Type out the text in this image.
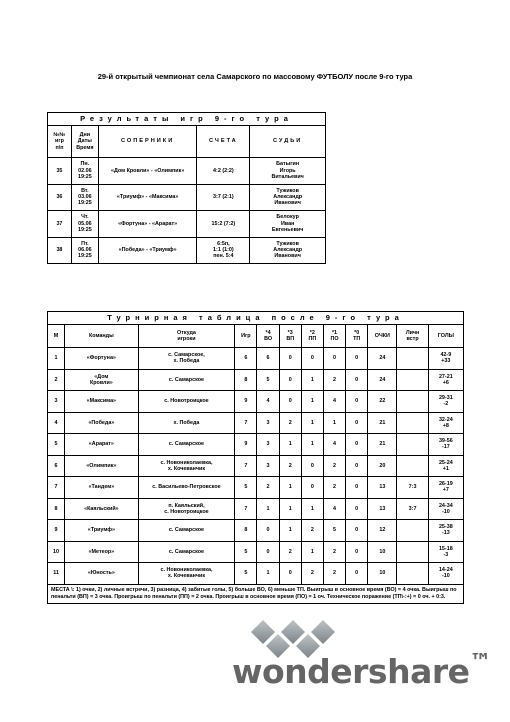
29-й открытый чемпионат села Самарского по массовому ФУТБОЛУ после 9-го тура
Результаты игр 9-го тура				
№№
игр
п\п	Дни
Даты
Время	СОПЕРНИКИ	СЧЕТА	СУДЬИ
35	Пн.
02.06
19:25	«Дом Кровли» - «Олимпик»	4:2 (2:2)	Батыгин
Игорь
Витальевич
36	Вт.
03.06
19:25	«Триумф» - «Максима»	3:7 (2:1)	Тужиков
Александр
Иванович
37	Чт.
05.06
19:25	«Фортуна» - «Арарат»	15:2 (7:2)	Белокур
Иван
Евгеньевич
38	Пт.
06.06
19:25	«Победа» - «Триумф»	6:5п,
1:1 (1:0)
пен. 5:4	Тужиков
Александр
Иванович
Турнирная таблица после 9-го тура											
М	Команды	Откуда
игроки	Игр	*4
ВО	*3
ВП	*2
ПП	*1
ПО	*0
ТП	ОЧКИ	Личн
встр	ГОЛЫ
1	«Фортуна»	с. Самарское,
х. Победа	6	6	0	0	0	0	24		42-9
+33
2	«Дом
Кровли»	с. Самарское	8	5	0	1	2	0	24		27-21
+6
3	«Максима»	с. Новотроицкое	9	4	0	1	4	0	22		29-31
-2
4	«Победа»	х. Победа	7	3	2	1	1	0	21		32-24
+8
5	«Арарат»	с. Самарское	9	3	1	1	4	0	21		39-56
-17
6	«Олимпик»	с. Новониколаевка,
х. Кочеванчик	7	3	2	0	2	0	20		25-24
+1
7	«Тандем»	с. Васильево-Петровское	5	2	1	0	2	0	13	7:3	26-19
+7
8	«Каяльский»	п. Каяльский,
с. Новотроицкое	7	1	1	1	4	0	13	3:7	24-34
-10
9	«Триумф»	с. Самарское	8	0	1	2	5	0	12		25-38
-13
10	«Метеор»	с. Самарское	5	0	2	1	2	0	10		15-18
-3
11	«Юность»	с. Новониколаевка,
х. Кочеванчик	5	1	0	2	2	0	10		14-24
-10
МЕСТА \: 1) очки, 2) личные встречи, 3) разница, 4) забитые голы, 5) больше ВО, 6) меньше ТП. Выигрыш в основное время (ВО) = 4 очка. Выигрыш по пенальти (ВП) = 3 очка. Проигрыш по пенальти (ПП) = 2 очка. Проигрыш в основное время (ПО) = 1 оч. Техническое поражение (ТП\-:+) = 0 оч. + 0:3.											
wondershare™
